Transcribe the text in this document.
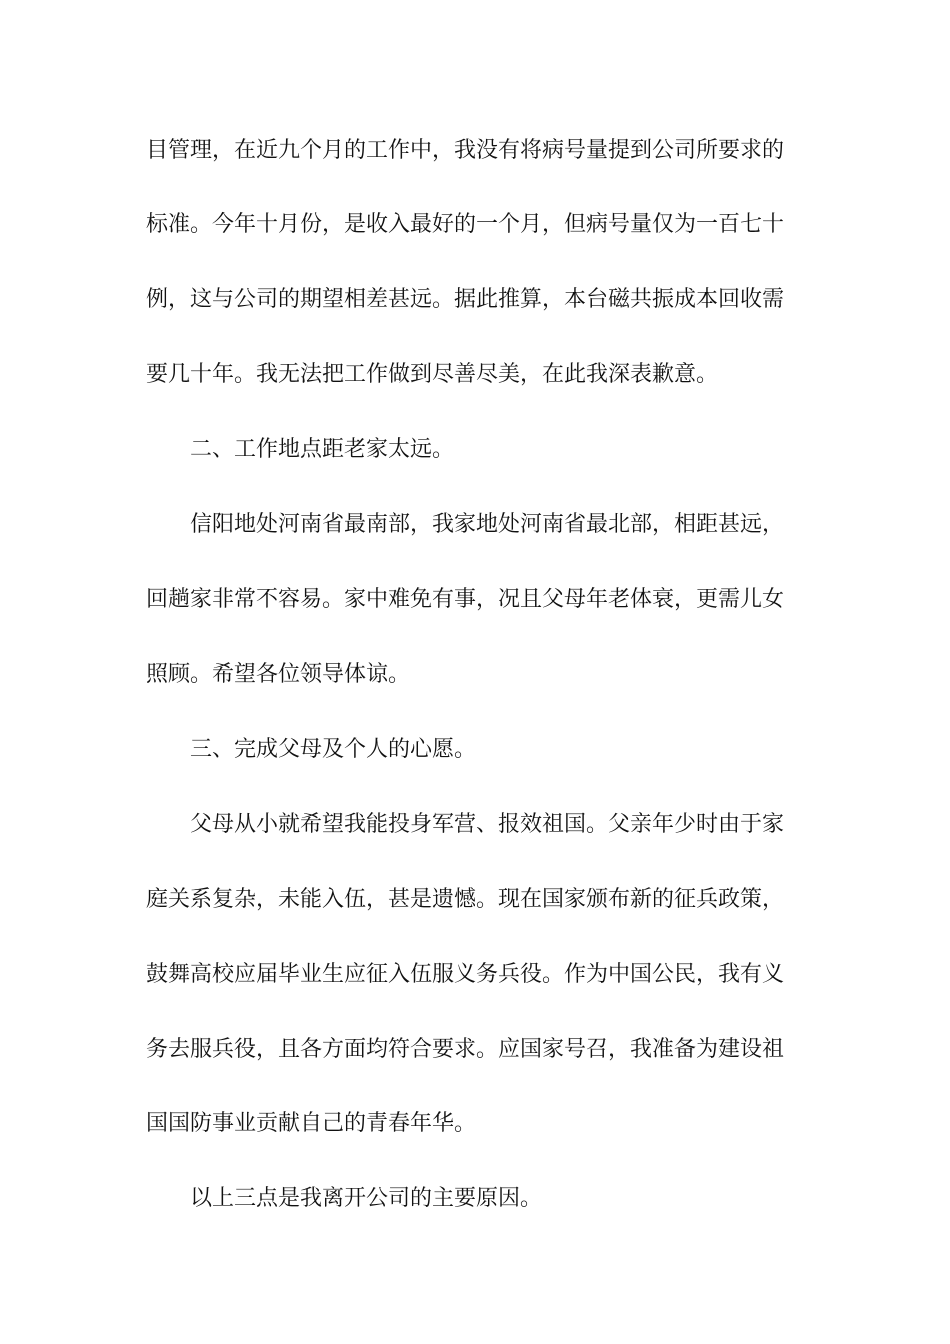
目管理，在近九个月的工作中，我没有将病号量提到公司所要求的
标准。今年十月份，是收入最好的一个月，但病号量仅为一百七十
例，这与公司的期望相差甚远。据此推算，本台磁共振成本回收需
要几十年。我无法把工作做到尽善尽美，在此我深表歉意。
二、工作地点距老家太远。
信阳地处河南省最南部，我家地处河南省最北部，相距甚远，
回趟家非常不容易。家中难免有事，况且父母年老体衰，更需儿女
照顾。希望各位领导体谅。
三、完成父母及个人的心愿。
父母从小就希望我能投身军营、报效祖国。父亲年少时由于家
庭关系复杂，未能入伍，甚是遗憾。现在国家颁布新的征兵政策，
鼓舞高校应届毕业生应征入伍服义务兵役。作为中国公民，我有义
务去服兵役，且各方面均符合要求。应国家号召，我准备为建设祖
国国防事业贡献自己的青春年华。
以上三点是我离开公司的主要原因。
